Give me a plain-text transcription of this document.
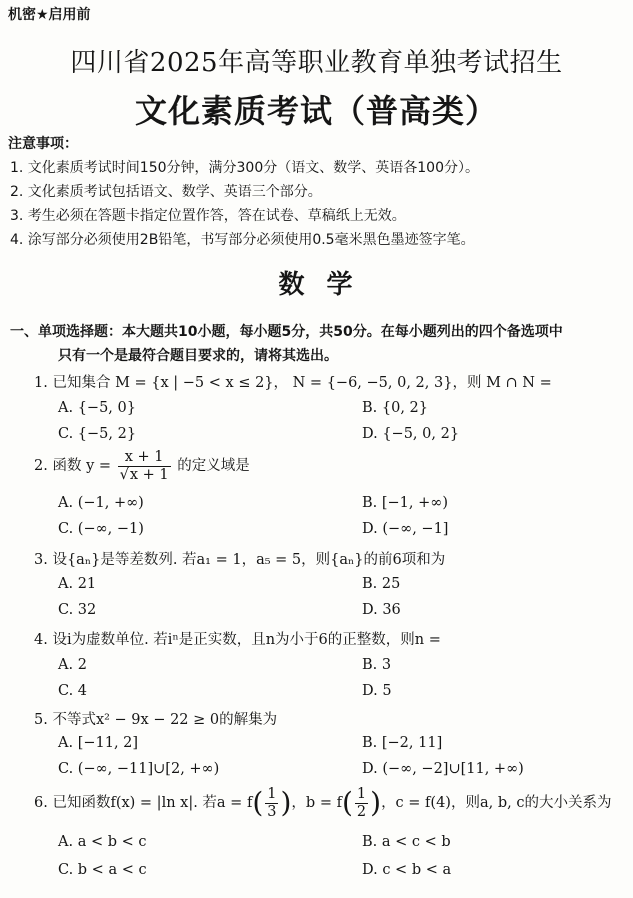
机密★启用前
四川省2025年高等职业教育单独考试招生
文化素质考试（普高类）
注意事项：
1. 文化素质考试时间150分钟，满分300分（语文、数学、英语各100分）。
2. 文化素质考试包括语文、数学、英语三个部分。
3. 考生必须在答题卡指定位置作答，答在试卷、草稿纸上无效。
4. 涂写部分必须使用2B铅笔，书写部分必须使用0.5毫米黑色墨迹签字笔。
数学
一、单项选择题：本大题共10小题，每小题5分，共50分。在每小题列出的四个备选项中
只有一个是最符合题目要求的，请将其选出。
1. 已知集合 M = {x | −5 < x ≤ 2}， N = {−6, −5, 0, 2, 3}，则 M ∩ N =
A. {−5, 0}	B. {0, 2}
C. {−5, 2}	D. {−5, 0, 2}
2. 函数 $y = \frac{x + 1}{√x + 1}$ 的定义域是
A. (−1, +∞)	B. [−1, +∞)
C. (−∞, −1)	D. (−∞, −1]
3. 设{aₙ}是等差数列. 若a₁ = 1，a₅ = 5，则{aₙ}的前6项和为
A. 21	B. 25
C. 32	D. 36
4. 设i为虚数单位. 若iⁿ是正实数，且n为小于6的正整数，则n =
A. 2	B. 3
C. 4	D. 5
5. 不等式x² − 9x − 22 ≥ 0的解集为
A. [−11, 2]	B. [−2, 11]
C. (−∞, −11]∪[2, +∞)	D. (−∞, −2]∪[11, +∞)
6. 已知函数f(x) = |ln x|. 若$a = f( \frac{1}{3}$ )，$b = f( \frac{1}{2}$ )，c = f(4)，则a, b, c的大小关系为
A. a < b < c	B. a < c < b
C. b < a < c	D. c < b < a
